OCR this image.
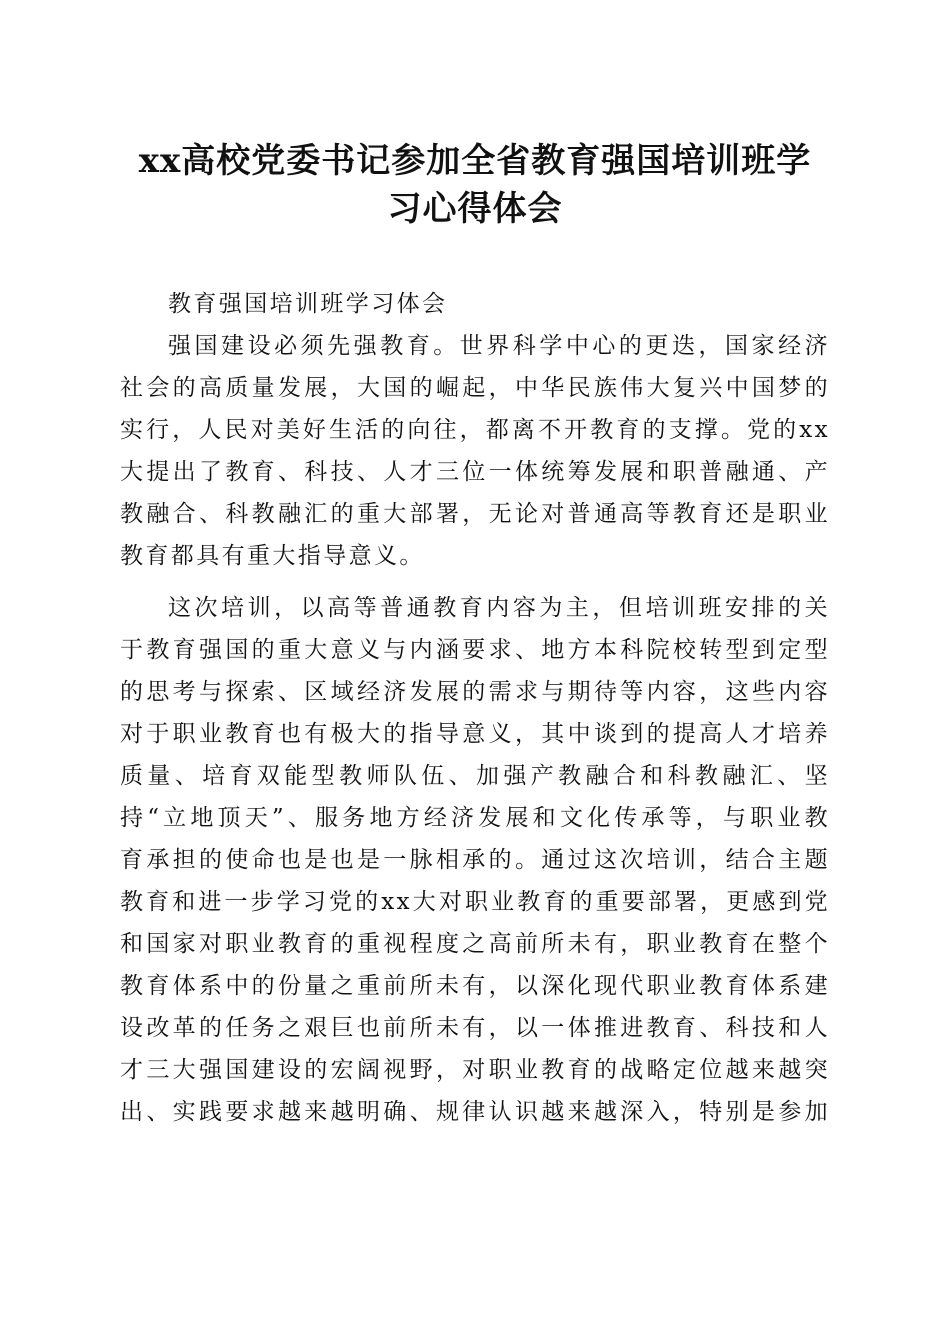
xx高校党委书记参加全省教育强国培训班学
习心得体会
教育强国培训班学习体会
强国建设必须先强教育。世界科学中心的更迭，国家经济
社会的高质量发展，大国的崛起，中华民族伟大复兴中国梦的
实行，人民对美好生活的向往，都离不开教育的支撑。党的xx
大提出了教育、科技、人才三位一体统筹发展和职普融通、产
教融合、科教融汇的重大部署，无论对普通高等教育还是职业
教育都具有重大指导意义。
这次培训，以高等普通教育内容为主，但培训班安排的关
于教育强国的重大意义与内涵要求、地方本科院校转型到定型
的思考与探索、区域经济发展的需求与期待等内容，这些内容
对于职业教育也有极大的指导意义，其中谈到的提高人才培养
质量、培育双能型教师队伍、加强产教融合和科教融汇、坚
持“立地顶天”、服务地方经济发展和文化传承等，与职业教
育承担的使命也是也是一脉相承的。通过这次培训，结合主题
教育和进一步学习党的xx大对职业教育的重要部署，更感到党
和国家对职业教育的重视程度之高前所未有，职业教育在整个
教育体系中的份量之重前所未有，以深化现代职业教育体系建
设改革的任务之艰巨也前所未有，以一体推进教育、科技和人
才三大强国建设的宏阔视野，对职业教育的战略定位越来越突
出、实践要求越来越明确、规律认识越来越深入，特别是参加
